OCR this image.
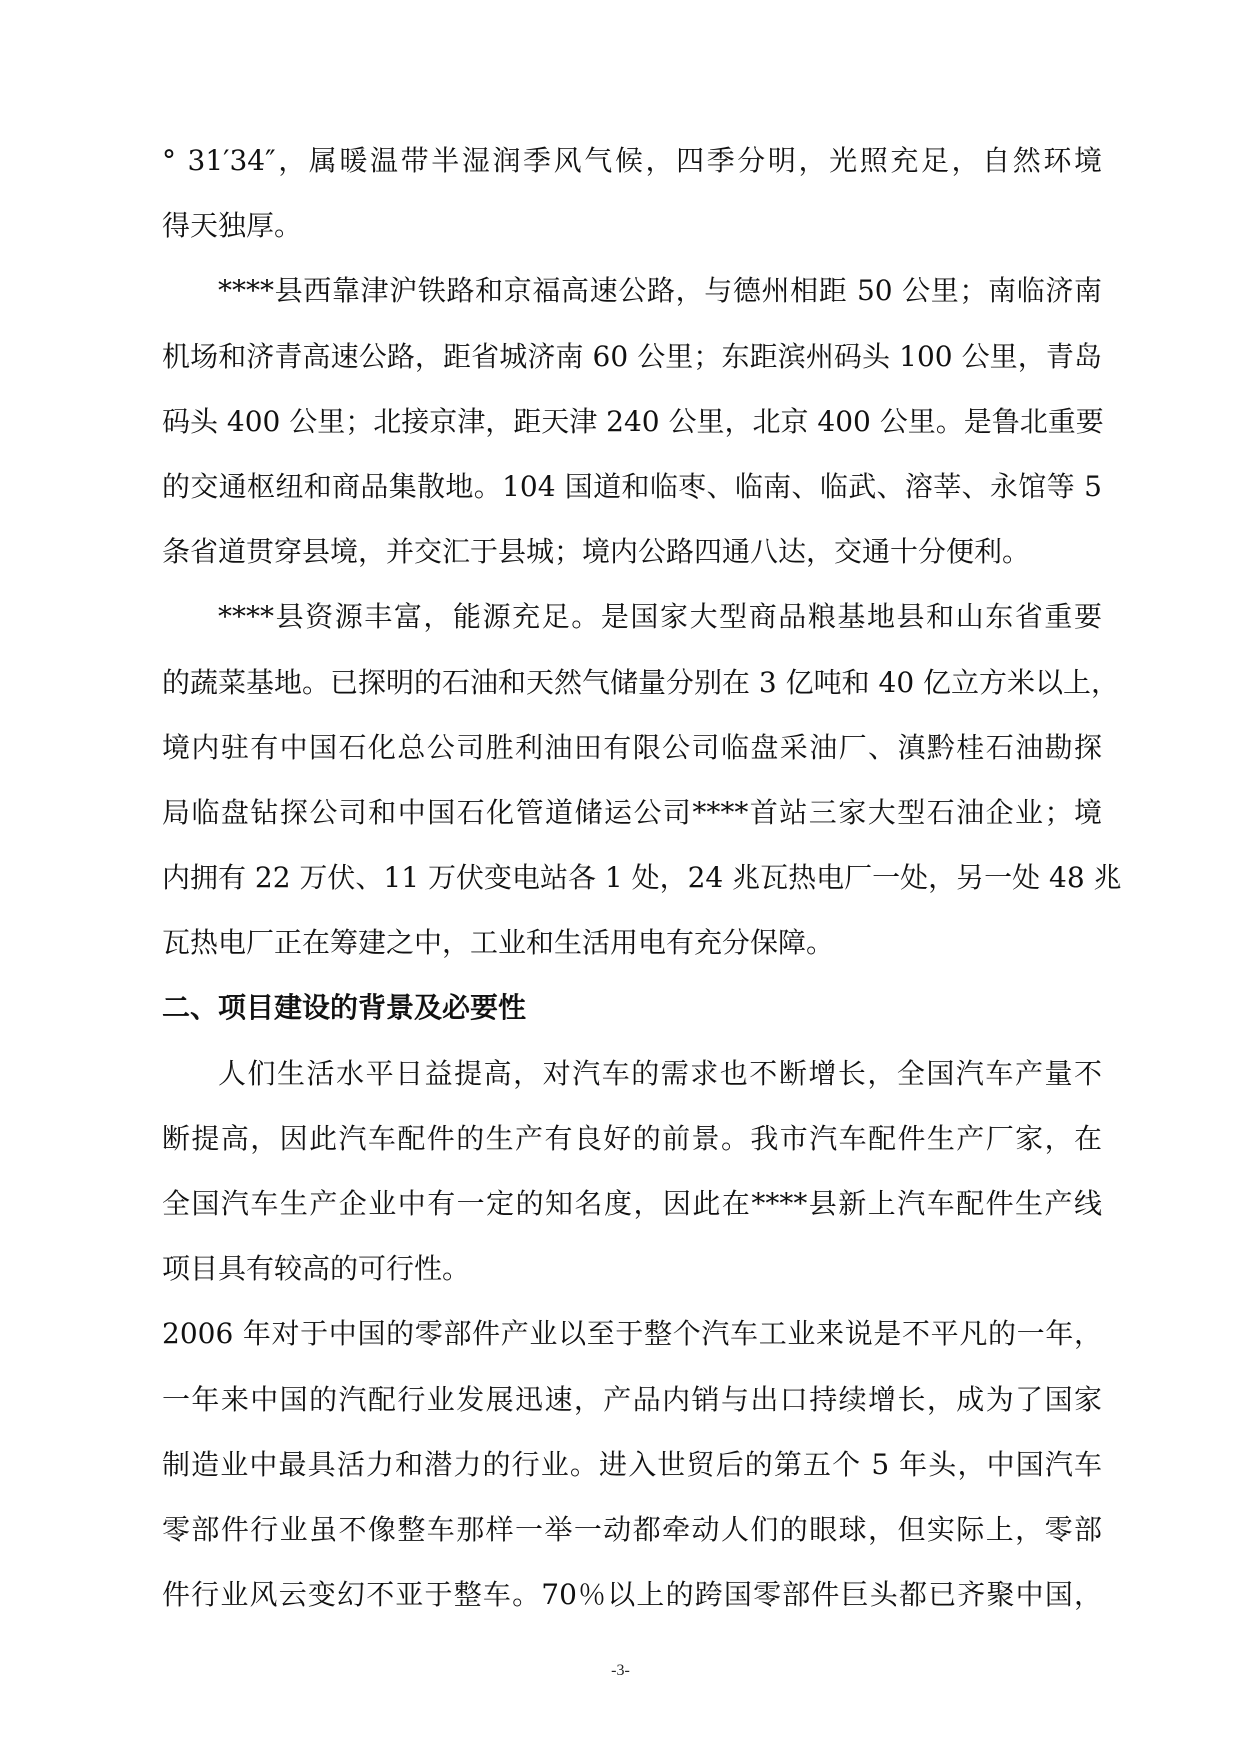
° 31′34″，属暖温带半湿润季风气候，四季分明，光照充足，自然环境
得天独厚。
****县西靠津沪铁路和京福高速公路，与德州相距 50 公里；南临济南
机场和济青高速公路，距省城济南 60 公里；东距滨州码头 100 公里，青岛
码头 400 公里；北接京津，距天津 240 公里，北京 400 公里。是鲁北重要
的交通枢纽和商品集散地。104 国道和临枣、临南、临武、溶莘、永馆等 5
条省道贯穿县境，并交汇于县城；境内公路四通八达，交通十分便利。
****县资源丰富，能源充足。是国家大型商品粮基地县和山东省重要
的蔬菜基地。已探明的石油和天然气储量分别在 3 亿吨和 40 亿立方米以上，
境内驻有中国石化总公司胜利油田有限公司临盘采油厂、滇黔桂石油勘探
局临盘钻探公司和中国石化管道储运公司****首站三家大型石油企业；境
内拥有 22 万伏、11 万伏变电站各 1 处，24 兆瓦热电厂一处，另一处 48 兆
瓦热电厂正在筹建之中，工业和生活用电有充分保障。
二、项目建设的背景及必要性
人们生活水平日益提高，对汽车的需求也不断增长，全国汽车产量不
断提高，因此汽车配件的生产有良好的前景。我市汽车配件生产厂家，在
全国汽车生产企业中有一定的知名度，因此在****县新上汽车配件生产线
项目具有较高的可行性。
2006 年对于中国的零部件产业以至于整个汽车工业来说是不平凡的一年，
一年来中国的汽配行业发展迅速，产品内销与出口持续增长，成为了国家
制造业中最具活力和潜力的行业。进入世贸后的第五个 5 年头，中国汽车
零部件行业虽不像整车那样一举一动都牵动人们的眼球，但实际上，零部
件行业风云变幻不亚于整车。70％以上的跨国零部件巨头都已齐聚中国，
-3-
